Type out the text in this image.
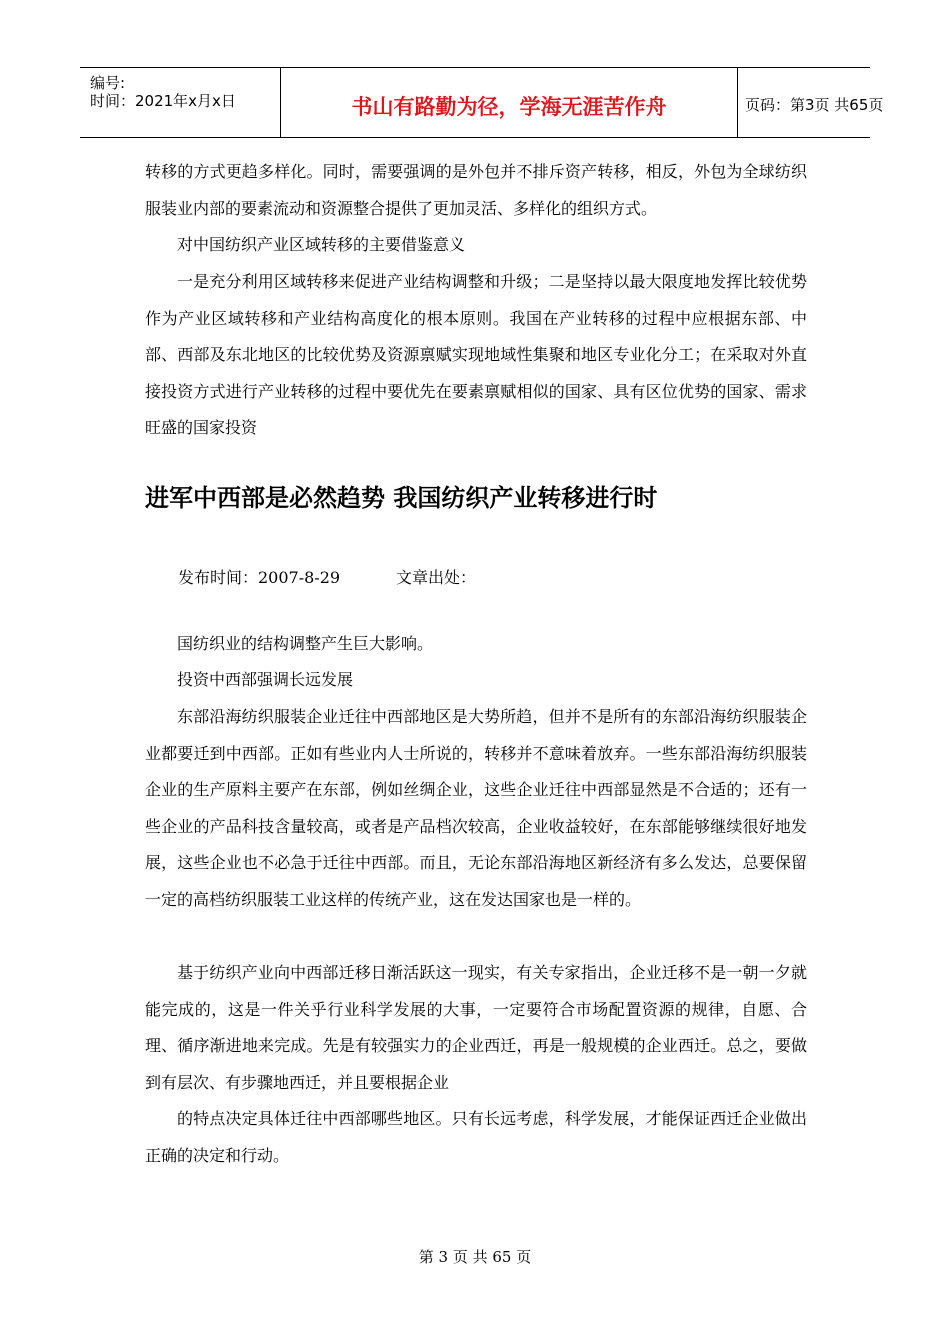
编号:
时间：2021年x月x日	书山有路勤为径，学海无涯苦作舟	页码：第3页 共65页

转移的方式更趋多样化。同时，需要强调的是外包并不排斥资产转移，相反，外包为全球纺织服装业内部的要素流动和资源整合提供了更加灵活、多样化的组织方式。

对中国纺织产业区域转移的主要借鉴意义

一是充分利用区域转移来促进产业结构调整和升级；二是坚持以最大限度地发挥比较优势作为产业区域转移和产业结构高度化的根本原则。我国在产业转移的过程中应根据东部、中部、西部及东北地区的比较优势及资源禀赋实现地域性集聚和地区专业化分工；在采取对外直接投资方式进行产业转移的过程中要优先在要素禀赋相似的国家、具有区位优势的国家、需求旺盛的国家投资

进军中西部是必然趋势 我国纺织产业转移进行时
发布时间：2007-8-29	文章出处：

国纺织业的结构调整产生巨大影响。

投资中西部强调长远发展

东部沿海纺织服装企业迁往中西部地区是大势所趋，但并不是所有的东部沿海纺织服装企业都要迁到中西部。正如有些业内人士所说的，转移并不意味着放弃。一些东部沿海纺织服装企业的生产原料主要产在东部，例如丝绸企业，这些企业迁往中西部显然是不合适的；还有一些企业的产品科技含量较高，或者是产品档次较高，企业收益较好，在东部能够继续很好地发展，这些企业也不必急于迁往中西部。而且，无论东部沿海地区新经济有多么发达，总要保留一定的高档纺织服装工业这样的传统产业，这在发达国家也是一样的。

基于纺织产业向中西部迁移日渐活跃这一现实，有关专家指出，企业迁移不是一朝一夕就能完成的，这是一件关乎行业科学发展的大事，一定要符合市场配置资源的规律，自愿、合理、循序渐进地来完成。先是有较强实力的企业西迁，再是一般规模的企业西迁。总之，要做到有层次、有步骤地西迁，并且要根据企业

的特点决定具体迁往中西部哪些地区。只有长远考虑，科学发展，才能保证西迁企业做出正确的决定和行动。

第 3 页 共 65 页
